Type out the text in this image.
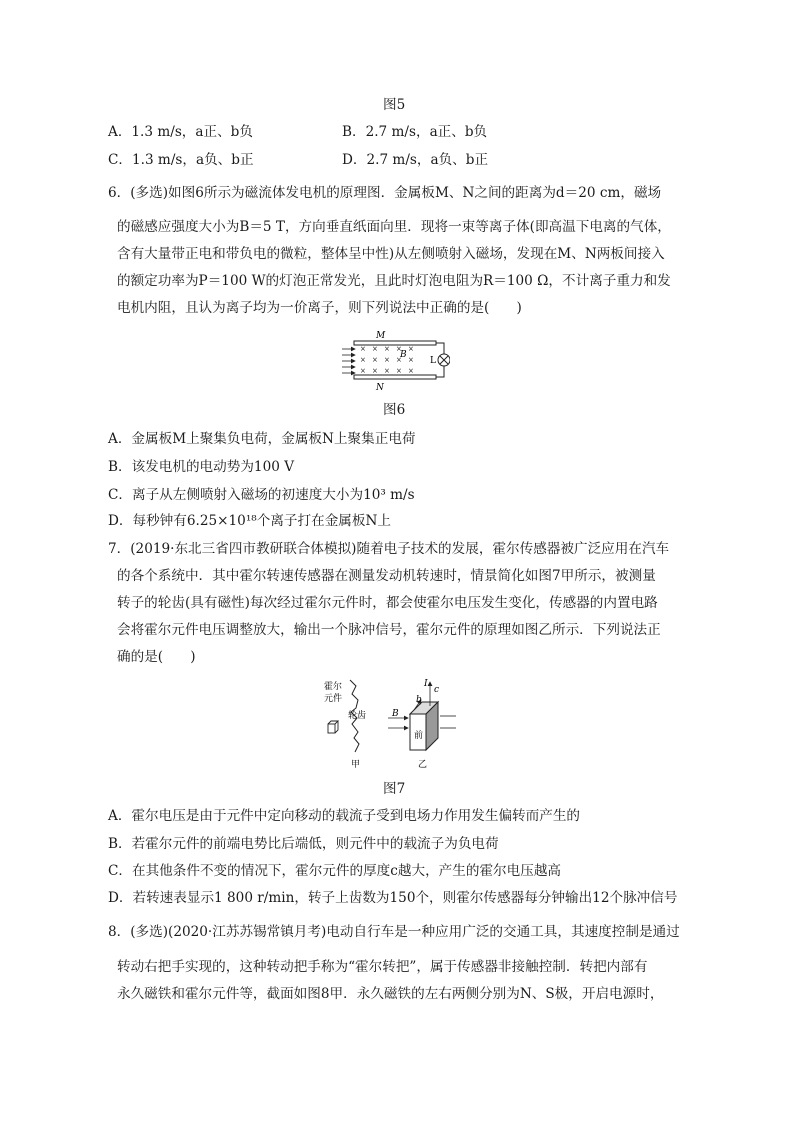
图5
A．1.3 m/s，a正、b负	B．2.7 m/s，a正、b负
C．1.3 m/s，a负、b正	D．2.7 m/s，a负、b正
6．(多选)如图6所示为磁流体发电机的原理图．金属板M、N之间的距离为d＝20 cm，磁场
的磁感应强度大小为B＝5 T，方向垂直纸面向里．现将一束等离子体(即高温下电离的气体，
含有大量带正电和带负电的微粒，整体呈中性)从左侧喷射入磁场，发现在M、N两板间接入
的额定功率为P＝100 W的灯泡正常发光，且此时灯泡电阻为R＝100 Ω，不计离子重力和发
电机内阻，且认为离子均为一价离子，则下列说法中正确的是(　　)
M
N
B
× × × × ×
× × × × ×
× × × × ×
L
图6
A．金属板M上聚集负电荷，金属板N上聚集正电荷
B．该发电机的电动势为100 V
C．离子从左侧喷射入磁场的初速度大小为10³ m/s
D．每秒钟有6.25×10¹⁸个离子打在金属板N上
7．(2019·东北三省四市教研联合体模拟)随着电子技术的发展，霍尔传感器被广泛应用在汽车
的各个系统中．其中霍尔转速传感器在测量发动机转速时，情景简化如图7甲所示，被测量
转子的轮齿(具有磁性)每次经过霍尔元件时，都会使霍尔电压发生变化，传感器的内置电路
会将霍尔元件电压调整放大，输出一个脉冲信号，霍尔元件的原理如图乙所示．下列说法正
确的是(　　)
霍尔
元件
轮齿
甲
前
I
c
b
B
乙
图7
A．霍尔电压是由于元件中定向移动的载流子受到电场力作用发生偏转而产生的
B．若霍尔元件的前端电势比后端低，则元件中的载流子为负电荷
C．在其他条件不变的情况下，霍尔元件的厚度c越大，产生的霍尔电压越高
D．若转速表显示1 800 r/min，转子上齿数为150个，则霍尔传感器每分钟输出12个脉冲信号
8．(多选)(2020·江苏苏锡常镇月考)电动自行车是一种应用广泛的交通工具，其速度控制是通过
转动右把手实现的，这种转动把手称为“霍尔转把”，属于传感器非接触控制．转把内部有
永久磁铁和霍尔元件等，截面如图8甲．永久磁铁的左右两侧分别为N、S极，开启电源时，
